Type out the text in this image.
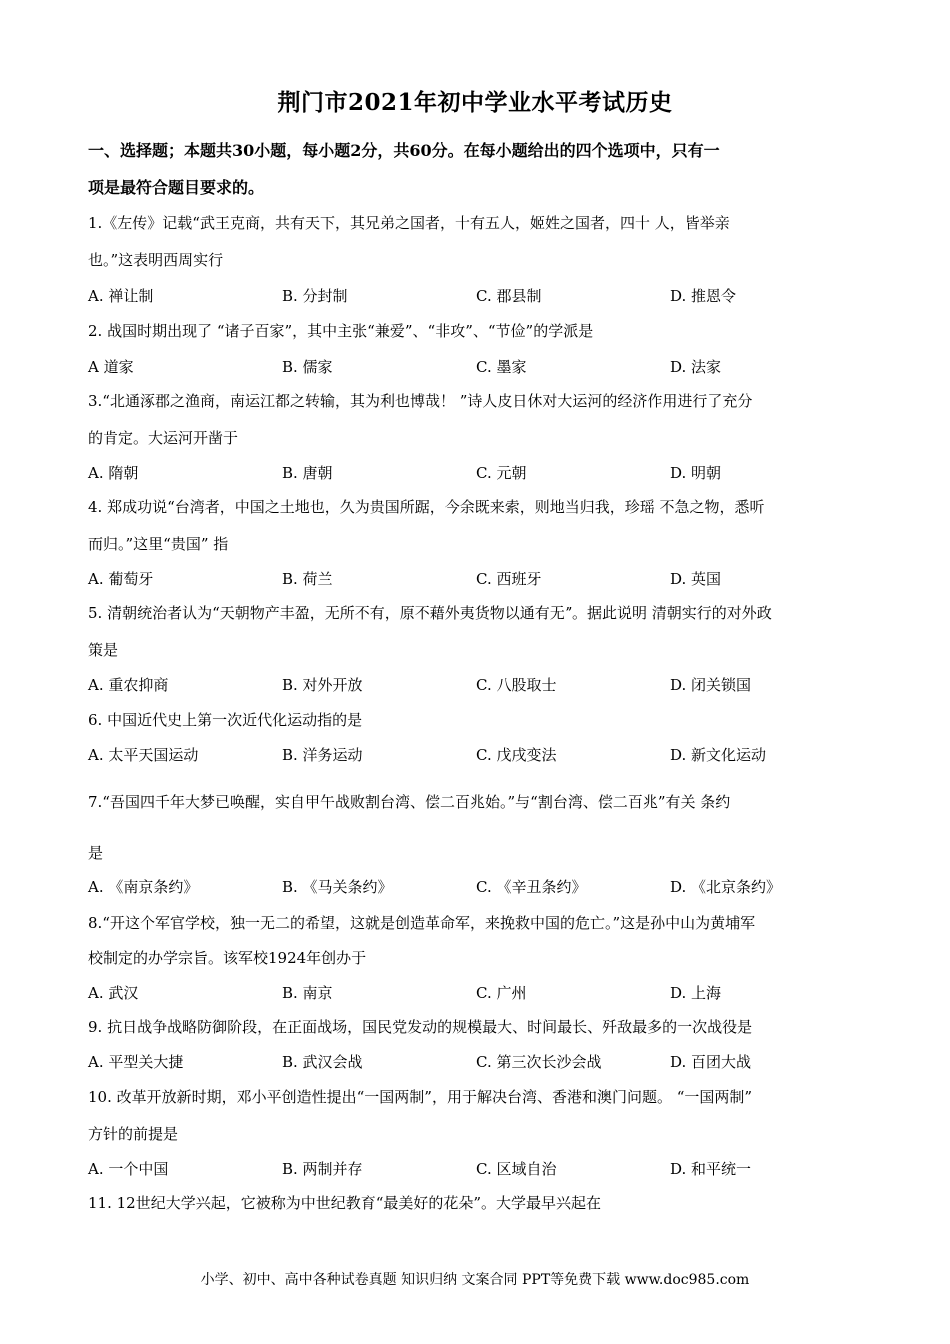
荆门市2021年初中学业水平考试历史
一、选择题；本题共30小题，每小题2分，共60分。在每小题给出的四个选项中，只有一
项是最符合题目要求的。
1.《左传》记载“武王克商，共有天下，其兄弟之国者，十有五人，姬姓之国者，四十 人，皆举亲
也。”这表明西周实行
A. 禅让制	B. 分封制	C. 郡县制	D. 推恩令
2. 战国时期出现了 “诸子百家”，其中主张“兼爱”、“非攻”、“节俭”的学派是
A 道家	B. 儒家	C. 墨家	D. 法家
3.“北通涿郡之渔商，南运江都之转输，其为利也博哉！ ”诗人皮日休对大运河的经济作用进行了充分
的肯定。大运河开凿于
A. 隋朝	B. 唐朝	C. 元朝	D. 明朝
4. 郑成功说“台湾者，中国之土地也，久为贵国所踞，今余既来索，则地当归我，珍瑶 不急之物，悉听
而归。”这里“贵国” 指
A. 葡萄牙	B. 荷兰	C. 西班牙	D. 英国
5. 清朝统治者认为“天朝物产丰盈，无所不有，原不藉外夷货物以通有无ˮ。据此说明 清朝实行的对外政
策是
A. 重农抑商	B. 对外开放	C. 八股取士	D. 闭关锁国
6. 中国近代史上第一次近代化运动指的是
A. 太平天国运动	B. 洋务运动	C. 戊戌变法	D. 新文化运动
7.“吾国四千年大梦已唤醒，实自甲午战败割台湾、偿二百兆始。”与“割台湾、偿二百兆”有关 条约
是
A. 《南京条约》	B. 《马关条约》	C. 《辛丑条约》	D. 《北京条约》
8.“开这个军官学校，独一无二的希望，这就是创造革命军，来挽救中国的危亡。”这是孙中山为黄埔军
校制定的办学宗旨。该军校1924年创办于
A. 武汉	B. 南京	C. 广州	D. 上海
9. 抗日战争战略防御阶段，在正面战场，国民党发动的规模最大、时间最长、歼敌最多的一次战役是
A. 平型关大捷	B. 武汉会战	C. 第三次长沙会战	D. 百团大战
10. 改革开放新时期，邓小平创造性提出“一国两制”，用于解决台湾、香港和澳门问题。 “一国两制”
方针的前提是
A. 一个中国	B. 两制并存	C. 区域自治	D. 和平统一
11. 12世纪大学兴起，它被称为中世纪教育“最美好的花朵”。大学最早兴起在
小学、初中、高中各种试卷真题 知识归纳 文案合同 PPT等免费下载 www.doc985.com
